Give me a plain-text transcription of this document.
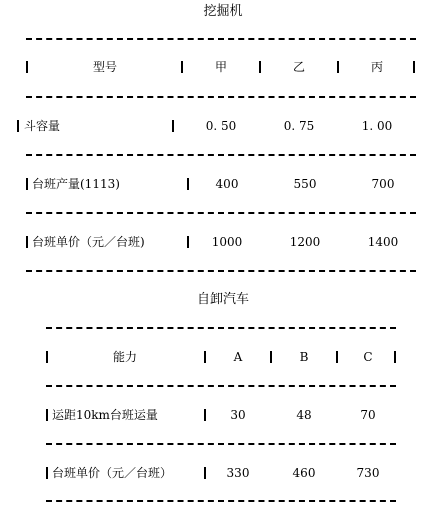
挖掘机
型号	甲	乙	丙
斗容量	0. 50	0. 75	1. 00
台班产量(1113)	400	550	700
台班单价（元／台班)	1000	1200	1400
自卸汽车
能力	A	B	C
运距10km台班运量	30	48	70
台班单价（元／台班）	330	460	730
